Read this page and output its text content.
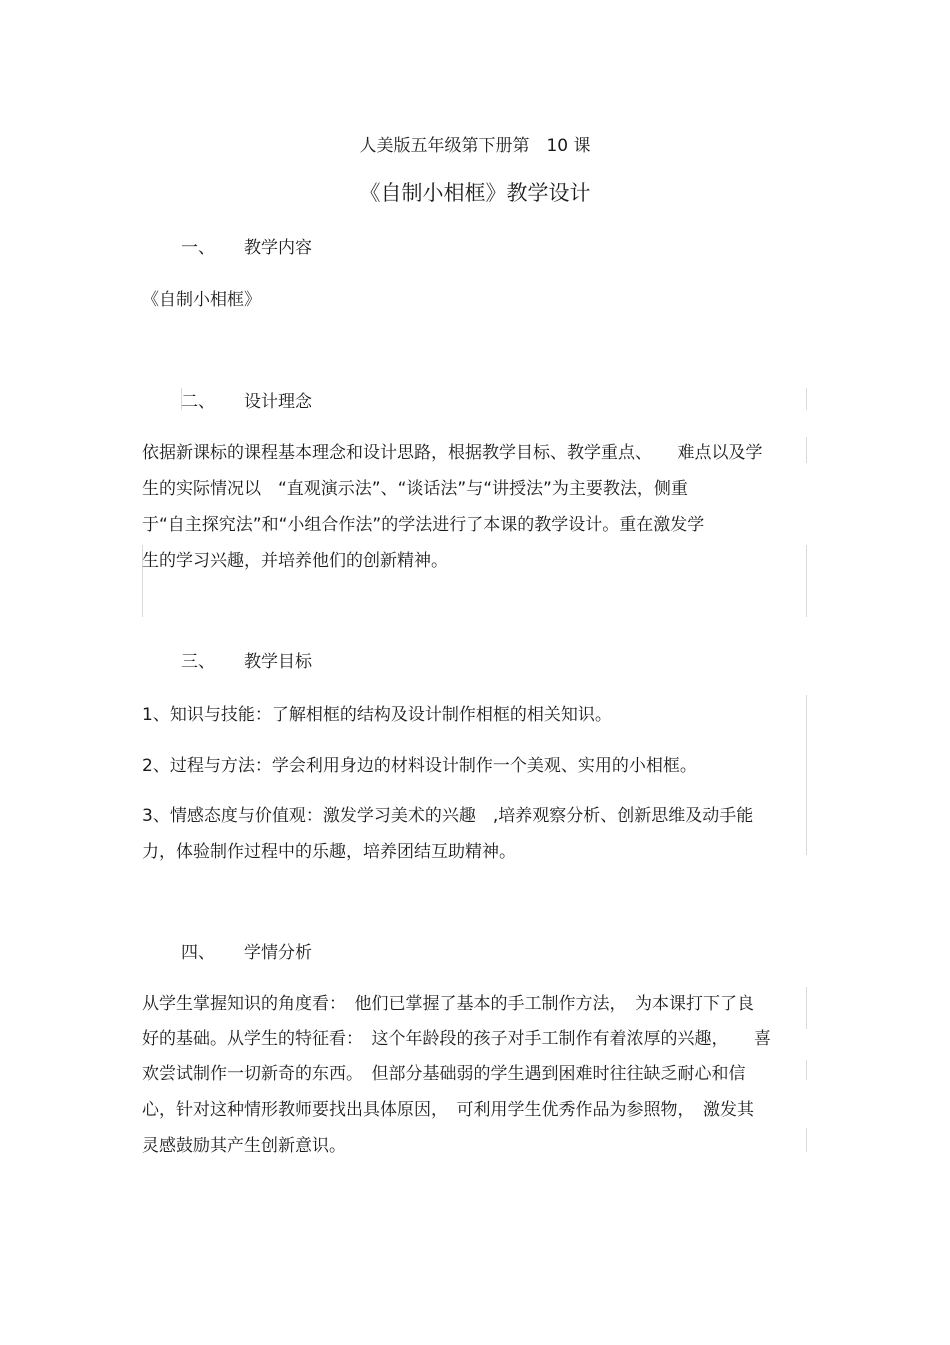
人美版五年级第下册第　10 课
《自制小相框》教学设计
一、 教学内容
《自制小相框》
二、 设计理念
依据新课标的课程基本理念和设计思路，根据教学目标、教学重点、　　难点以及学
生的实际情况以　“直观演示法”、“谈话法”与“讲授法”为主要教法，侧重
于“自主探究法”和“小组合作法”的学法进行了本课的教学设计。重在激发学
生的学习兴趣，并培养他们的创新精神。
三、 教学目标
1、知识与技能：了解相框的结构及设计制作相框的相关知识。
2、过程与方法：学会利用身边的材料设计制作一个美观、实用的小相框。
3、情感态度与价值观：激发学习美术的兴趣　,培养观察分析、创新思维及动手能
力，体验制作过程中的乐趣，培养团结互助精神。
四、 学情分析
从学生掌握知识的角度看：　他们已掌握了基本的手工制作方法，　为本课打下了良
好的基础。从学生的特征看：　这个年龄段的孩子对手工制作有着浓厚的兴趣，　　喜
欢尝试制作一切新奇的东西。　但部分基础弱的学生遇到困难时往往缺乏耐心和信
心，针对这种情形教师要找出具体原因，　可利用学生优秀作品为参照物，　激发其
灵感鼓励其产生创新意识。
